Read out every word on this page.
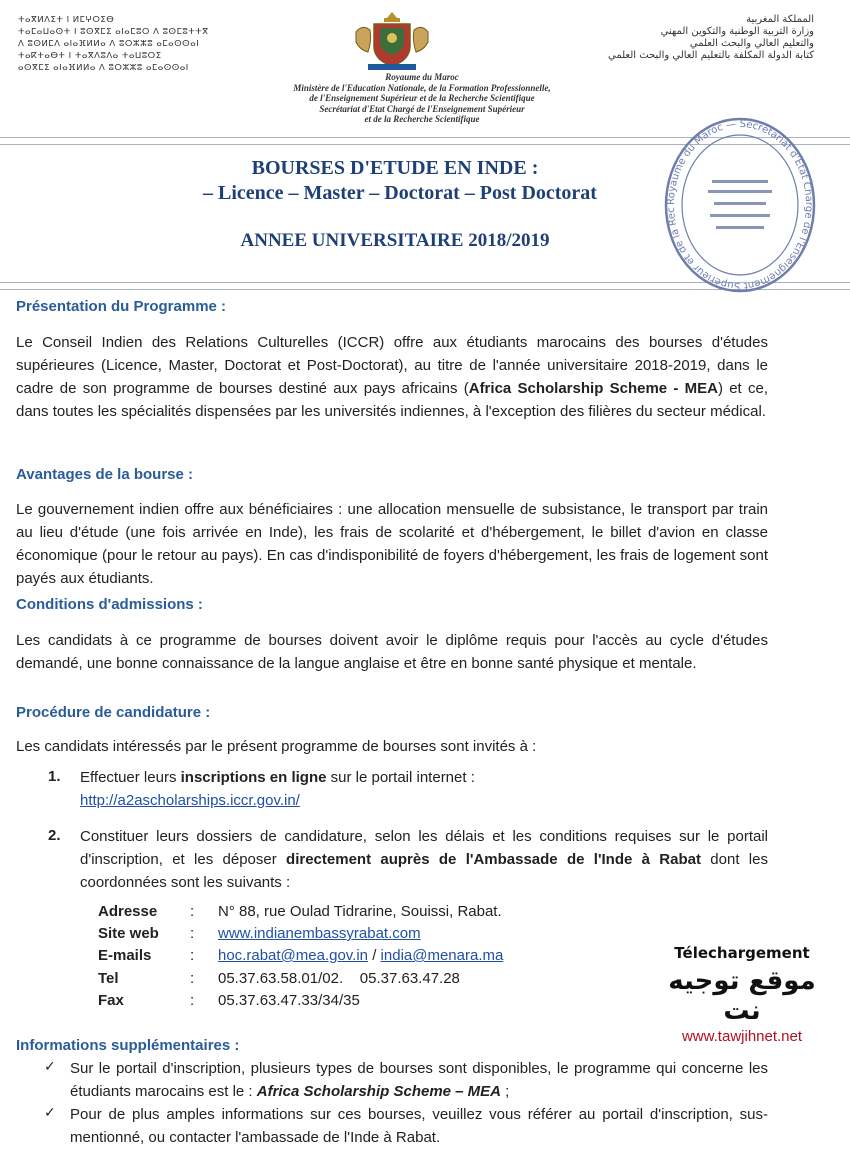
ⵜⴰⴳⵍⴷⵉⵜ ⵏ ⵍⵎⵖⵔⵉⴱ
ⵜⴰⵎⴰⵡⴰⵙⵜ ⵏ ⵓⵙⴳⵎⵉ ⴰⵏⴰⵎⵓⵔ ⴷ ⵓⵙⵎⵓⵜⵜⴳ
ⴷ ⵓⵙⵍⵎⴷ ⴰⵏⴰⴼⵍⵍⴰ ⴷ ⵓⵔⵣⵣⵓ ⴰⵎⴰⵙⵙⴰⵏ
ⵜⴰⴽⵜⴰⴱⵜ ⵏ ⵜⴰⴳⴷⵓⴷⴰ ⵜⴰⵡⵓⵔⵉ
ⴰⵙⴳⵎⵉ ⴰⵏⴰⴼⵍⵍⴰ ⴷ ⵓⵔⵣⵣⵓ ⴰⵎⴰⵙⵙⴰⵏ
المملكة المغربية
وزارة التربية الوطنية والتكوين المهني
والتعليم العالي والبحث العلمي
كتابة الدولة المكلفة بالتعليم العالي والبحث العلمي
Royaume du Maroc
Ministère de l'Education Nationale, de la Formation Professionnelle,
de l'Enseignement Supérieur et de la Recherche Scientifique
Secrétariat d'Etat Chargé de l'Enseignement Supérieur
et de la Recherche Scientifique
Royaume du Maroc — Secrétariat d'Etat Chargé de l'Enseignement Supérieur et de la Rec
BOURSES D'ETUDE EN INDE :
– Licence – Master – Doctorat – Post Doctorat
ANNEE UNIVERSITAIRE 2018/2019
Présentation du Programme :
Le Conseil Indien des Relations Culturelles (ICCR) offre aux étudiants marocains des bourses d'études supérieures (Licence, Master, Doctorat et Post-Doctorat), au titre de l'année universitaire 2018-2019, dans le cadre de son programme de bourses destiné aux pays africains (Africa Scholarship Scheme - MEA) et ce, dans toutes les spécialités dispensées par les universités indiennes, à l'exception des filières du secteur médical.
Avantages de la bourse :
Le gouvernement indien offre aux bénéficiaires : une allocation mensuelle de subsistance, le transport par train au lieu d'étude (une fois arrivée en Inde), les frais de scolarité et d'hébergement, le billet d'avion en classe économique (pour le retour au pays). En cas d'indisponibilité de foyers d'hébergement, les frais de logement sont payés aux étudiants.
Conditions d'admissions :
Les candidats à ce programme de bourses doivent avoir le diplôme requis pour l'accès au cycle d'études demandé, une bonne connaissance de la langue anglaise et être en bonne santé physique et mentale.
Procédure de candidature :
Les candidats intéressés par le présent programme de bourses sont invités à :
1. Effectuer leurs inscriptions en ligne sur le portail internet :
http://a2ascholarships.iccr.gov.in/
2. Constituer leurs dossiers de candidature, selon les délais et les conditions requises sur le portail d'inscription, et les déposer directement auprès de l'Ambassade de l'Inde à Rabat dont les coordonnées sont les suivants :
Adresse	: N° 88, rue Oulad Tidrarine, Souissi, Rabat.
Site web	: www.indianembassyrabat.com
E-mails	: hoc.rabat@mea.gov.in / india@menara.ma
Tel	: 05.37.63.58.01/02. 05.37.63.47.28
Fax	: 05.37.63.47.33/34/35
Télechargement
موقع توجيه نت
www.tawjihnet.net
Informations supplémentaires :
✓ Sur le portail d'inscription, plusieurs types de bourses sont disponibles, le programme qui concerne les étudiants marocains est le : Africa Scholarship Scheme – MEA ;
✓ Pour de plus amples informations sur ces bourses, veuillez vous référer au portail d'inscription, sus-mentionné, ou contacter l'ambassade de l'Inde à Rabat.
